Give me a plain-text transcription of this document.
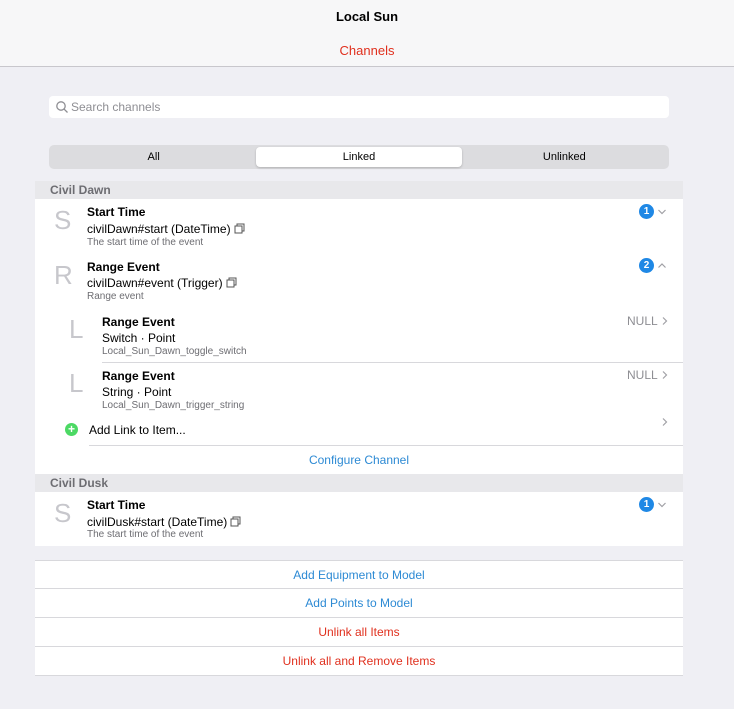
Local Sun
Channels
Search channels
All	Linked	Unlinked
Civil Dawn
S Start Time
civilDawn#start (DateTime)
The start time of the event
1
R Range Event
civilDawn#event (Trigger)
Range event
2
L Range Event
Switch · Point
Local_Sun_Dawn_toggle_switch
NULL
L Range Event
String · Point
Local_Sun_Dawn_trigger_string
NULL
+ Add Link to Item...
Configure Channel
Civil Dusk
S Start Time
civilDusk#start (DateTime)
The start time of the event
1
Add Equipment to Model
Add Points to Model
Unlink all Items
Unlink all and Remove Items
